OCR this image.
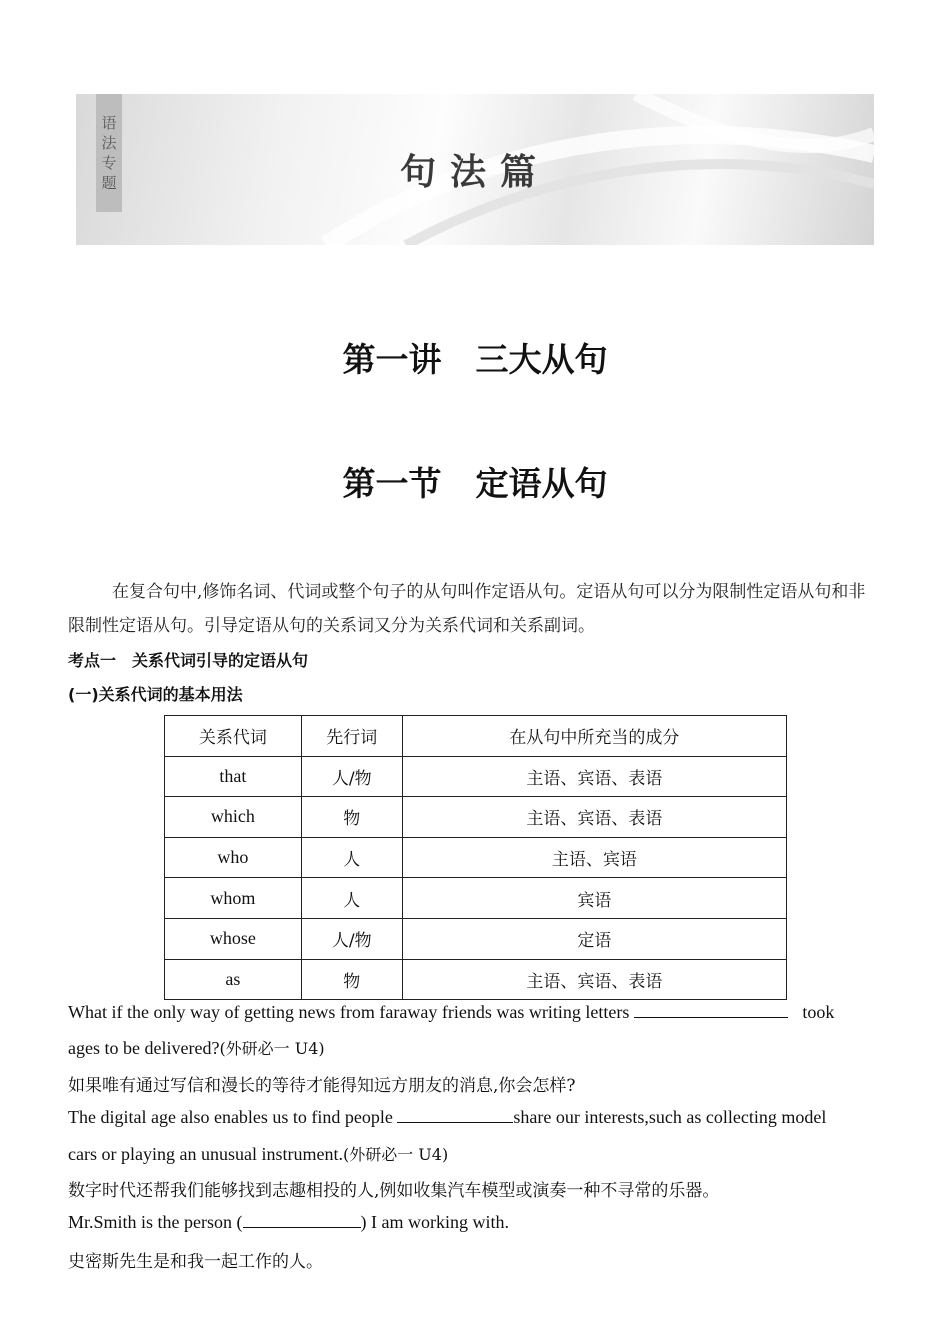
语
法
专
题	句法篇
第一讲 三大从句
第一节 定语从句

在复合句中,修饰名词、代词或整个句子的从句叫作定语从句。定语从句可以分为限制性定语从句和非限制性定语从句。引导定语从句的关系词又分为关系代词和关系副词。

考点一　关系代词引导的定语从句
(一)关系代词的基本用法
关系代词	先行词	在从句中所充当的成分
that	人/物	主语、宾语、表语
which	物	主语、宾语、表语
who	人	主语、宾语
whom	人	宾语
whose	人/物	定语
as	物	主语、宾语、表语
What if the only way of getting news from faraway friends was writing letters	took
ages to be delivered?(外研必一 U4)
如果唯有通过写信和漫长的等待才能得知远方朋友的消息,你会怎样?
The digital age also enables us to find people	share our interests,such as collecting model
cars or playing an unusual instrument.(外研必一 U4)
数字时代还帮我们能够找到志趣相投的人,例如收集汽车模型或演奏一种不寻常的乐器。
Mr.Smith is the person (	) I am working with.
史密斯先生是和我一起工作的人。
